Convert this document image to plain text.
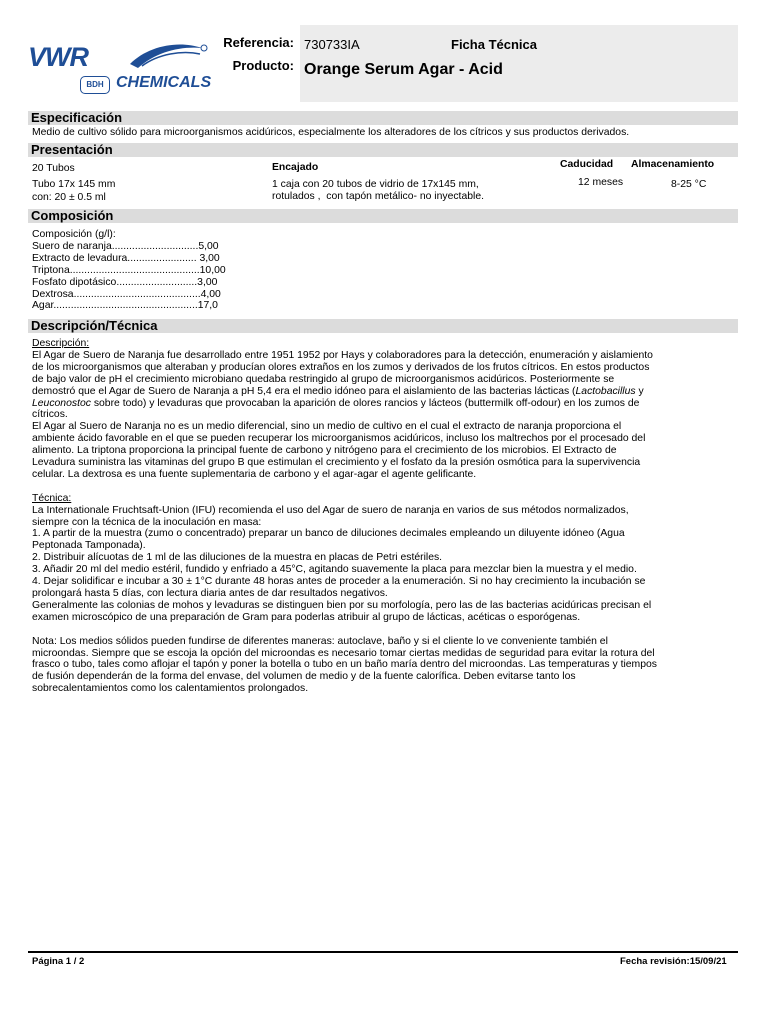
VWR
BDH CHEMICALS
Referencia: 730733IA	Ficha Técnica
Producto: Orange Serum Agar - Acid
Especificación
Medio de cultivo sólido para microorganismos acidúricos, especialmente los alteradores de los cítricos y sus productos derivados.
Presentación
20 Tubos
Tubo 17x 145 mm
con: 20 ± 0.5 ml
Encajado
1 caja con 20 tubos de vidrio de 17x145 mm,
rotulados ,  con tapón metálico- no inyectable.
Caducidad
12 meses
Almacenamiento
8-25 °C
Composición
Composición (g/l):
Suero de naranja..............................5,00
Extracto de levadura........................ 3,00
Triptona.............................................10,00
Fosfato dipotásico............................3,00
Dextrosa............................................4,00
Agar..................................................17,0
Descripción/Técnica
Descripción:
El Agar de Suero de Naranja fue desarrollado entre 1951 1952 por Hays y colaboradores para la detección, enumeración y aislamiento
de los microorganismos que alteraban y producían olores extraños en los zumos y derivados de los frutos cítricos. En estos productos
de bajo valor de pH el crecimiento microbiano quedaba restringido al grupo de microorganismos acidúricos. Posteriormente se
demostró que el Agar de Suero de Naranja a pH 5,4 era el medio idóneo para el aislamiento de las bacterias lácticas (Lactobacillus y
Leuconostoc sobre todo) y levaduras que provocaban la aparición de olores rancios y lácteos (buttermilk off-odour) en los zumos de
cítricos.
El Agar al Suero de Naranja no es un medio diferencial, sino un medio de cultivo en el cual el extracto de naranja proporciona el
ambiente ácido favorable en el que se pueden recuperar los microorganismos acidúricos, incluso los maltrechos por el procesado del
alimento. La triptona proporciona la principal fuente de carbono y nitrógeno para el crecimiento de los microbios. El Extracto de
Levadura suministra las vitaminas del grupo B que estimulan el crecimiento y el fosfato da la presión osmótica para la supervivencia
celular. La dextrosa es una fuente suplementaria de carbono y el agar-agar el agente gelificante.
Técnica:
La Internationale Fruchtsaft-Union (IFU) recomienda el uso del Agar de suero de naranja en varios de sus métodos normalizados,
siempre con la técnica de la inoculación en masa:
1. A partir de la muestra (zumo o concentrado) preparar un banco de diluciones decimales empleando un diluyente idóneo (Agua
Peptonada Tamponada).
2. Distribuir alícuotas de 1 ml de las diluciones de la muestra en placas de Petri estériles.
3. Añadir 20 ml del medio estéril, fundido y enfriado a 45°C, agitando suavemente la placa para mezclar bien la muestra y el medio.
4. Dejar solidificar e incubar a 30 ± 1°C durante 48 horas antes de proceder a la enumeración. Si no hay crecimiento la incubación se
prolongará hasta 5 días, con lectura diaria antes de dar resultados negativos.
Generalmente las colonias de mohos y levaduras se distinguen bien por su morfología, pero las de las bacterias acidúricas precisan el
examen microscópico de una preparación de Gram para poderlas atribuir al grupo de lácticas, acéticas o esporógenas.
Nota: Los medios sólidos pueden fundirse de diferentes maneras: autoclave, baño y si el cliente lo ve conveniente también el
microondas. Siempre que se escoja la opción del microondas es necesario tomar ciertas medidas de seguridad para evitar la rotura del
frasco o tubo, tales como aflojar el tapón y poner la botella o tubo en un baño maría dentro del microondas. Las temperaturas y tiempos
de fusión dependerán de la forma del envase, del volumen de medio y de la fuente calorífica. Deben evitarse tanto los
sobrecalentamientos como los calentamientos prolongados.
Página 1 / 2	Fecha revisión:15/09/21
